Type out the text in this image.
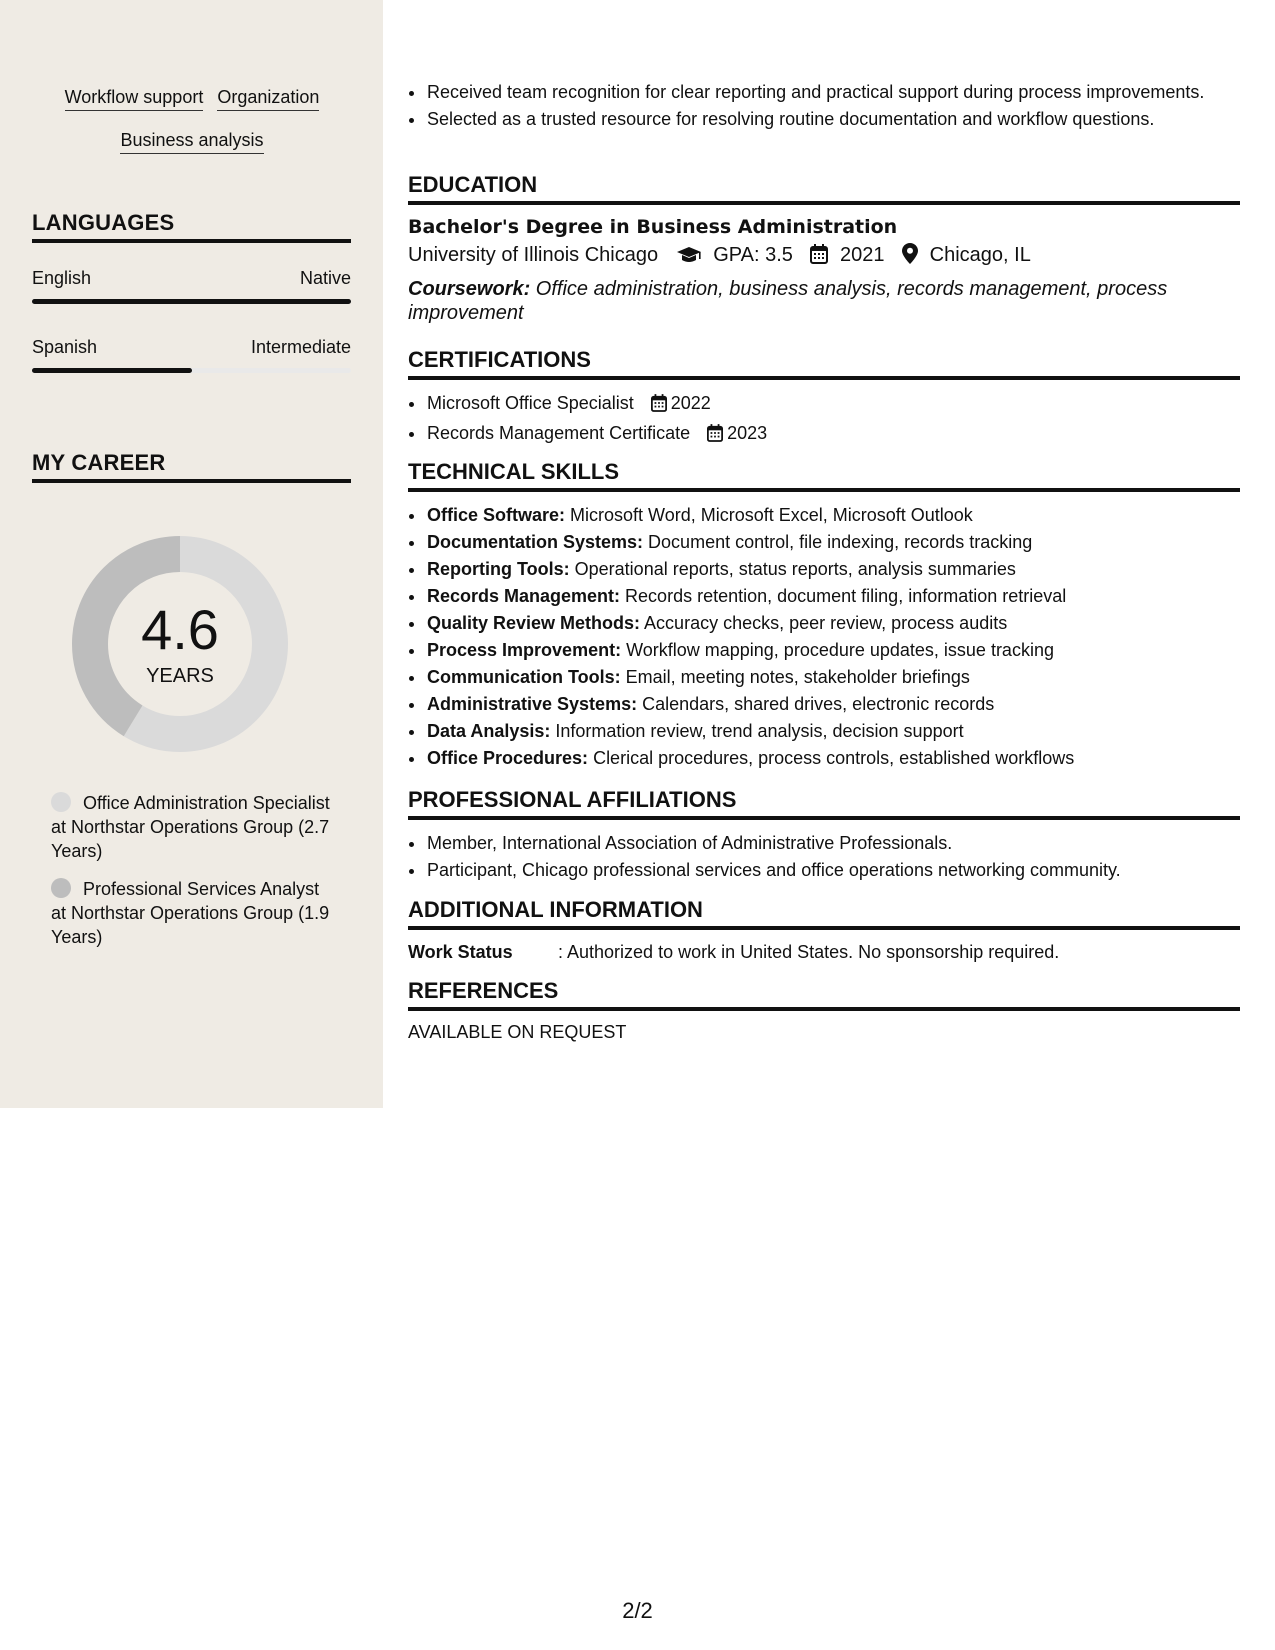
Workflow support Organization
Business analysis
LANGUAGES
English	Native
Spanish	Intermediate
MY CAREER
4.6
YEARS
Office Administration Specialist at Northstar Operations Group (2.7 Years)
Professional Services Analyst at Northstar Operations Group (1.9 Years)
• Received team recognition for clear reporting and practical support during process improvements.
• Selected as a trusted resource for resolving routine documentation and workflow questions.
EDUCATION
Bachelor's Degree in Business Administration
University of Illinois Chicago	GPA: 3.5 2021 Chicago, IL
Coursework: Office administration, business analysis, records management, process improvement
CERTIFICATIONS
• Microsoft Office Specialist 2022
• Records Management Certificate 2023
TECHNICAL SKILLS
• Office Software: Microsoft Word, Microsoft Excel, Microsoft Outlook
• Documentation Systems: Document control, file indexing, records tracking
• Reporting Tools: Operational reports, status reports, analysis summaries
• Records Management: Records retention, document filing, information retrieval
• Quality Review Methods: Accuracy checks, peer review, process audits
• Process Improvement: Workflow mapping, procedure updates, issue tracking
• Communication Tools: Email, meeting notes, stakeholder briefings
• Administrative Systems: Calendars, shared drives, electronic records
• Data Analysis: Information review, trend analysis, decision support
• Office Procedures: Clerical procedures, process controls, established workflows
PROFESSIONAL AFFILIATIONS
• Member, International Association of Administrative Professionals.
• Participant, Chicago professional services and office operations networking community.
ADDITIONAL INFORMATION
Work Status	: Authorized to work in United States. No sponsorship required.
REFERENCES
AVAILABLE ON REQUEST
2/2
